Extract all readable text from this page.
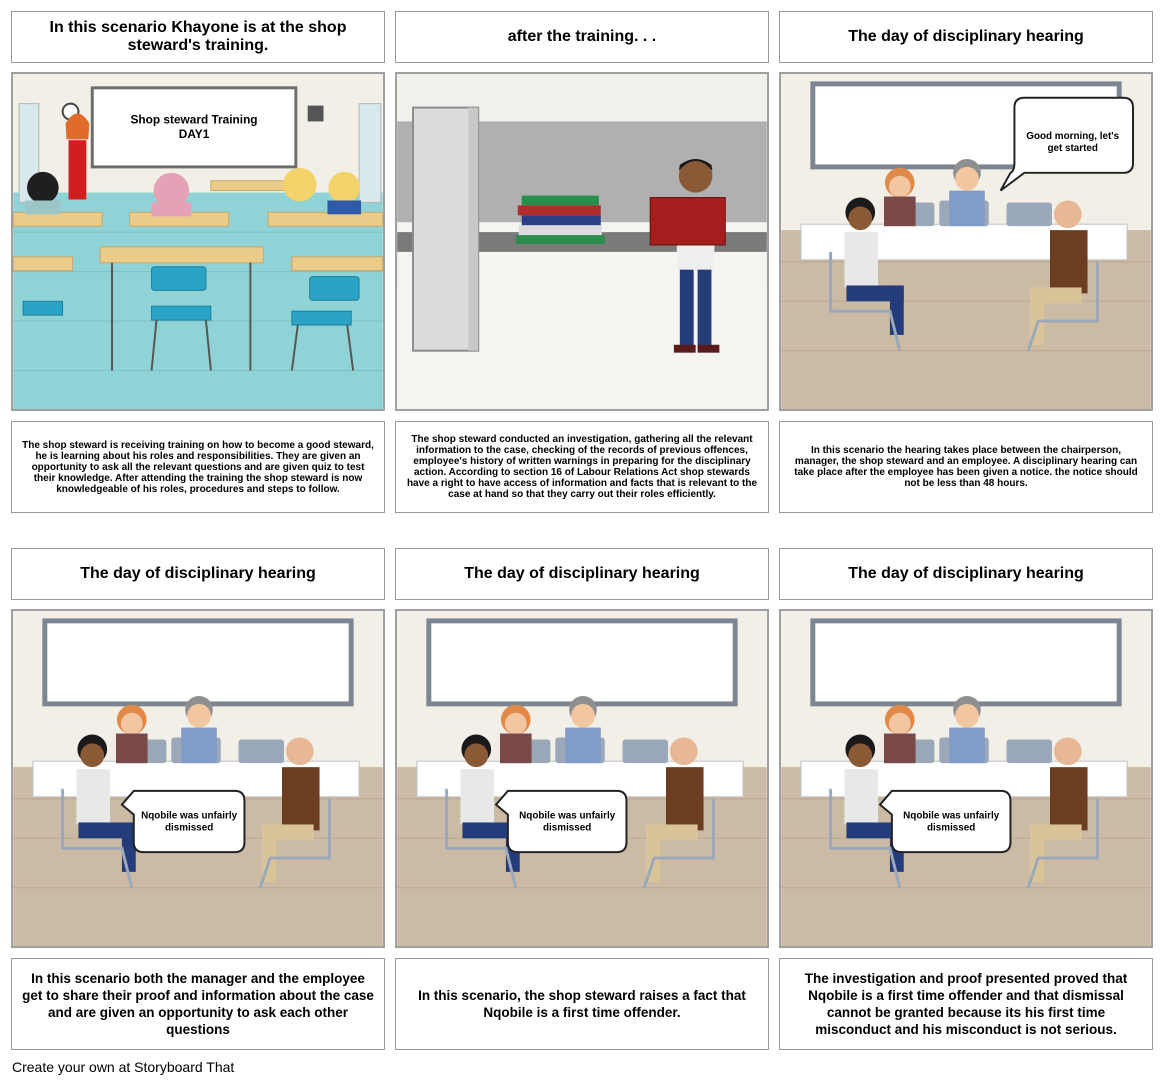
In this scenario Khayone is at the shop steward's training.
Shop steward Training
DAY1
The shop steward is receiving training on how to become a good steward, he is learning about his roles and responsibilities. They are given an opportunity to ask all the relevant questions and are given quiz to test their knowledge. After attending the training the shop steward is now knowledgeable of his roles, procedures and steps to follow.
after the training. . .
The shop steward conducted an investigation, gathering all the relevant information to the case, checking of the records of previous offences, employee's history of written warnings in preparing for the disciplinary action. According to section 16 of Labour Relations Act shop stewards have a right to have access of information and facts that is relevant to the case at hand so that they carry out their roles efficiently.
The day of disciplinary hearing
Good morning, let's
get started
In this scenario the hearing takes place between the chairperson, manager, the shop steward and an employee. A disciplinary hearing can take place after the employee has been given a notice. the notice should not be less than 48 hours.
The day of disciplinary hearing
Nqobile was unfairly
dismissed
In this scenario both the manager and the employee get to share their proof and information about the case and are given an opportunity to ask each other questions
The day of disciplinary hearing
Nqobile was unfairly
dismissed
In this scenario, the shop steward raises a fact that Nqobile is a first time offender.
The day of disciplinary hearing
Nqobile was unfairly
dismissed
The investigation and proof presented proved that Nqobile is a first time offender and that dismissal cannot be granted because its his first time misconduct and his misconduct is not serious.
Create your own at Storyboard That
